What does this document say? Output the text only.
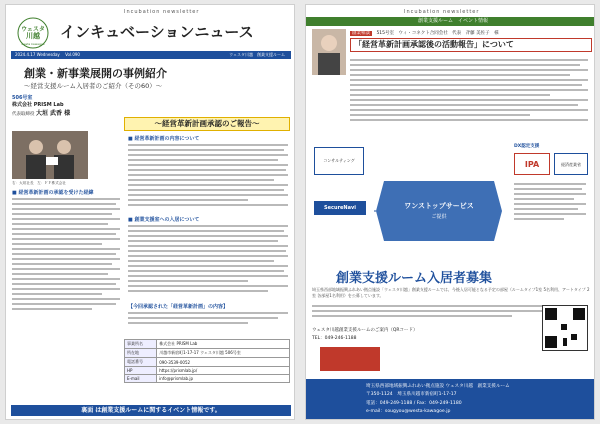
Incubation newsletter
ウェスタ
川越
westa kawagoe
インキュベーションニュース
2024.4.17 Wednesday Vol.090	ウェスタ川越　創業支援ルーム
創業・新事業展開の事例紹介
～経営支援ルーム入居者のご紹介（その60）～
506号室
株式会社 PRISM Lab
代表取締役 大垣 武香 様
〜経営革新計画承認のご報告〜
右：大垣社長　左：ＦＦ株式会社
■ 経営革新計画の承認を受けた経緯
■ 経営革新計画の内容について
■ 創業支援室への入居について
【今回承認された「経営革新計画」の内容】
事業所名	株式会社 PRISM Lab
所在地	川越市新宿町1-17-17 ウェスタ川越 506号室
電話番号	090-3539-0052
HP	https://prismlab.jp/
E-mail	info@prismlab.jp
裏面 は創業支援ルームに関するイベント情報です。
Incubation newsletter
創業支援ルーム　イベント情報
創業相談 515号室 ウィ・コネクト合同会社 代表　斉藤 美佐子　様
「経営革新計画承認後の活動報告」について
コンサルティング
SecureNavi	ワンストップサービス
ご提供
DX認定支援
IPA	経済産業省
創業支援ルーム入居者募集
埼玉県西部地域振興ふれあい拠点施設「ウェスタ川越」創業支援ルームでは、今後入居可能となる予定の部屋（ルームタイプ1室 5名利用、アートタイプ 2室 各部屋1名利用）を公募しています。
ウェスタ川越創業支援ルームのご案内（QRコード）
TEL：049-246-1188
埼玉県西部地域振興ふれあい拠点施設 ウェスタ川越　創業支援ルーム
〒350-1124　埼玉県川越市新宿町1-17-17
電話：049-249-1188 / Fax：049-249-1180
e-mail：sougyou@westa-kawagoe.jp
